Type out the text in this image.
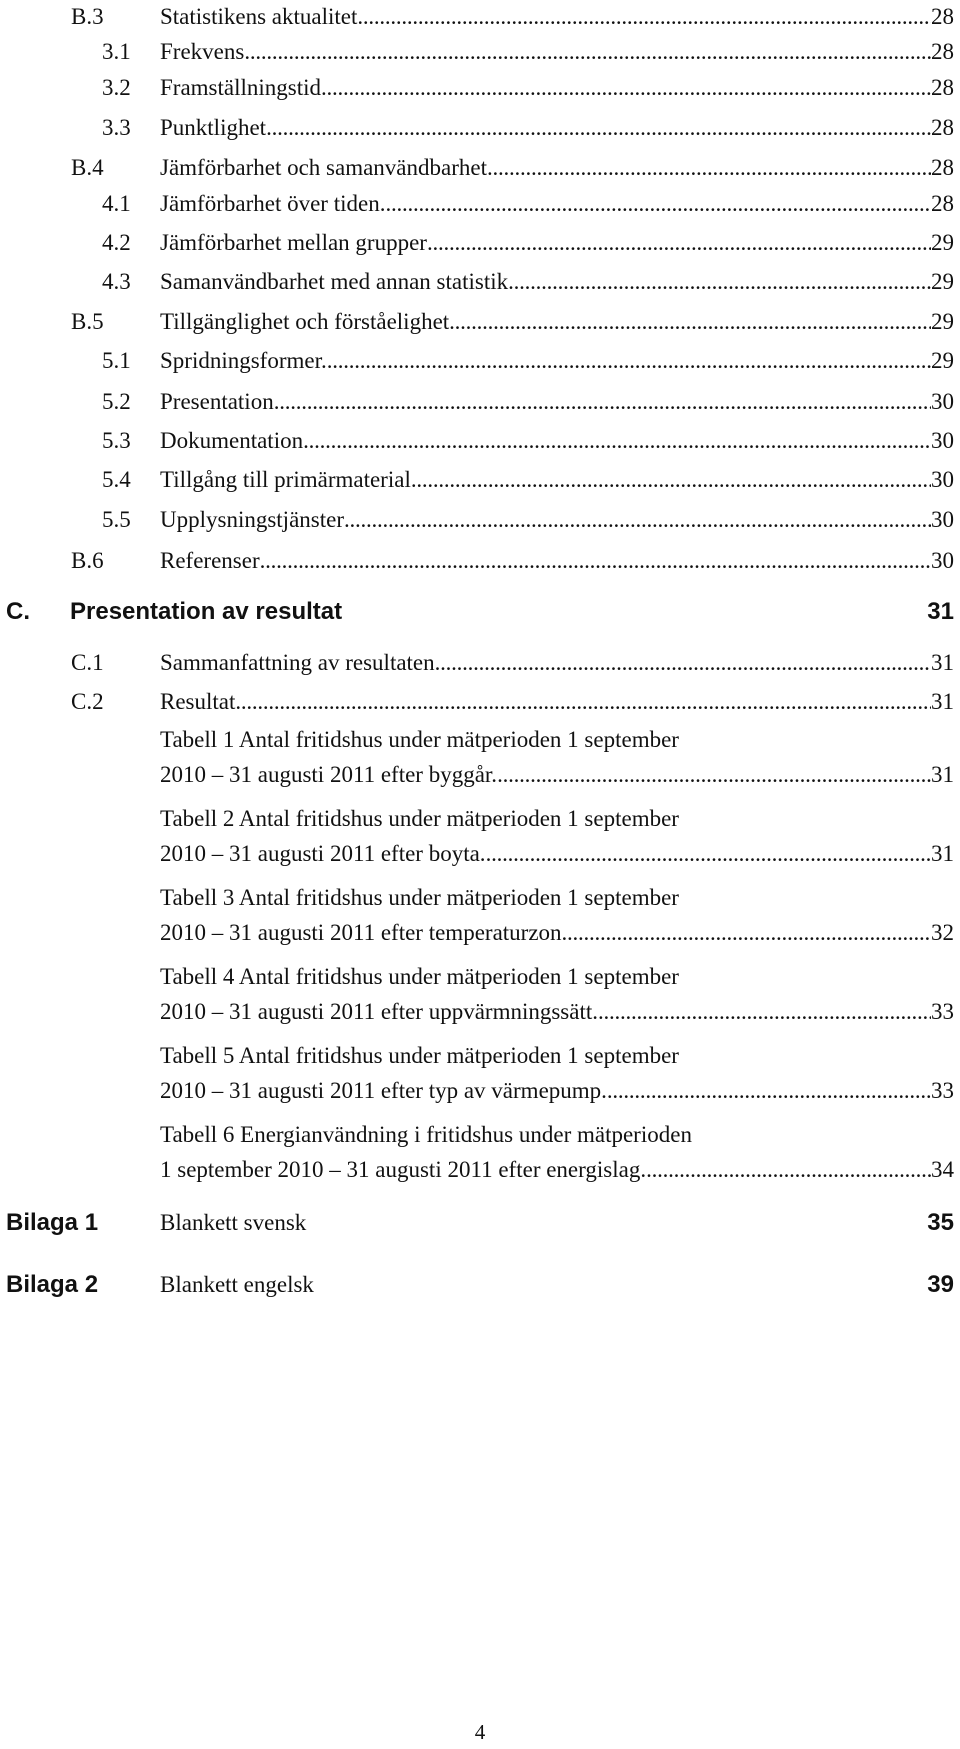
B.3 Statistikens aktualitet . . .	28
3.1 Frekvens . . .	28
3.2 Framställningstid . . .	28
3.3 Punktlighet . . .	28
B.4 Jämförbarhet och samanvändbarhet . . .	28
4.1 Jämförbarhet över tiden. . . .	28
4.2 Jämförbarhet mellan grupper . . .	29
4.3 Samanvändbarhet med annan statistik . . .	29
B.5 Tillgänglighet och förståelighet . . .	29
5.1 Spridningsformer. . . .	29
5.2 Presentation . . .	30
5.3 Dokumentation . . .	30
5.4 Tillgång till primärmaterial . . .	30
5.5 Upplysningstjänster . . .	30
B.6 Referenser . . .	30
C. Presentation av resultat	31
C.1 Sammanfattning av resultaten . . .	31
C.2 Resultat . . .	31
Tabell 1 Antal fritidshus under mätperioden 1 september
2010 – 31 augusti 2011 efter byggår. . . .	31
Tabell 2 Antal fritidshus under mätperioden 1 september
2010 – 31 augusti 2011 efter boyta. . . .	31
Tabell 3 Antal fritidshus under mätperioden 1 september
2010 – 31 augusti 2011 efter temperaturzon . . .	32
Tabell 4 Antal fritidshus under mätperioden 1 september
2010 – 31 augusti 2011 efter uppvärmningssätt. . . .	33
Tabell 5 Antal fritidshus under mätperioden 1 september
2010 – 31 augusti 2011 efter typ av värmepump. . . .	33
Tabell 6 Energianvändning i fritidshus under mätperioden
1 september 2010 – 31 augusti 2011 efter energislag. . . .	34
Bilaga 1	Blankett svensk	35
Bilaga 2	Blankett engelsk	39
4
